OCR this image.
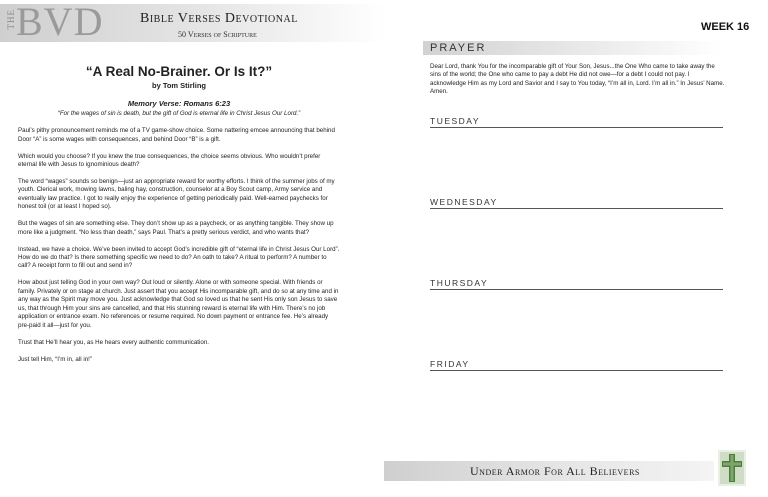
THE BVD	Bible Verses Devotional
50 Verses of Scripture
“A Real No-Brainer. Or Is It?”
by Tom Stirling
Memory Verse: Romans 6:23
“For the wages of sin is death, but the gift of God is eternal life in Christ Jesus Our Lord.”

Paul’s pithy pronouncement reminds me of a TV game-show choice. Some nattering emcee announcing that behind Door “A” is some wages with consequences, and behind Door “B” is a gift.

Which would you choose? If you knew the true consequences, the choice seems obvious. Who wouldn’t prefer eternal life with Jesus to ignominious death?

The word “wages” sounds so benign—just an appropriate reward for worthy efforts. I think of the summer jobs of my youth. Clerical work, mowing lawns, baling hay, construction, counselor at a Boy Scout camp, Army service and eventually law practice. I got to really enjoy the experience of getting periodically paid. Well-earned paychecks for honest toil (or at least I hoped so).

But the wages of sin are something else. They don’t show up as a paycheck, or as anything tangible. They show up more like a judgment. “No less than death,” says Paul. That’s a pretty serious verdict, and who wants that?

Instead, we have a choice. We’ve been invited to accept God’s incredible gift of “eternal life in Christ Jesus Our Lord”. How do we do that? Is there something specific we need to do? An oath to take? A ritual to perform? A number to call? A receipt form to fill out and send in?

How about just telling God in your own way? Out loud or silently. Alone or with someone special. With friends or family. Privately or on stage at church. Just assert that you accept His incomparable gift, and do so at any time and in any way as the Spirit may move you. Just acknowledge that God so loved us that he sent His only son Jesus to save us, that through Him your sins are cancelled, and that His stunning reward is eternal life with Him. There’s no job application or entrance exam. No references or resume required. No down payment or entrance fee. He’s already pre-paid it all—just for you.

Trust that He’ll hear you, as He hears every authentic communication.

Just tell Him, “I’m in, all in!”

WEEK 16
PRAYER
Dear Lord, thank You for the incomparable gift of Your Son, Jesus...the One Who came to take away the sins of the world; the One who came to pay a debt He did not owe—for a debt I could not pay. I acknowledge Him as my Lord and Savior and I say to You today, “I’m all in, Lord. I’m all in.” In Jesus’ Name. Amen.
TUESDAY
WEDNESDAY
THURSDAY
FRIDAY
Under Armor For All Believers
